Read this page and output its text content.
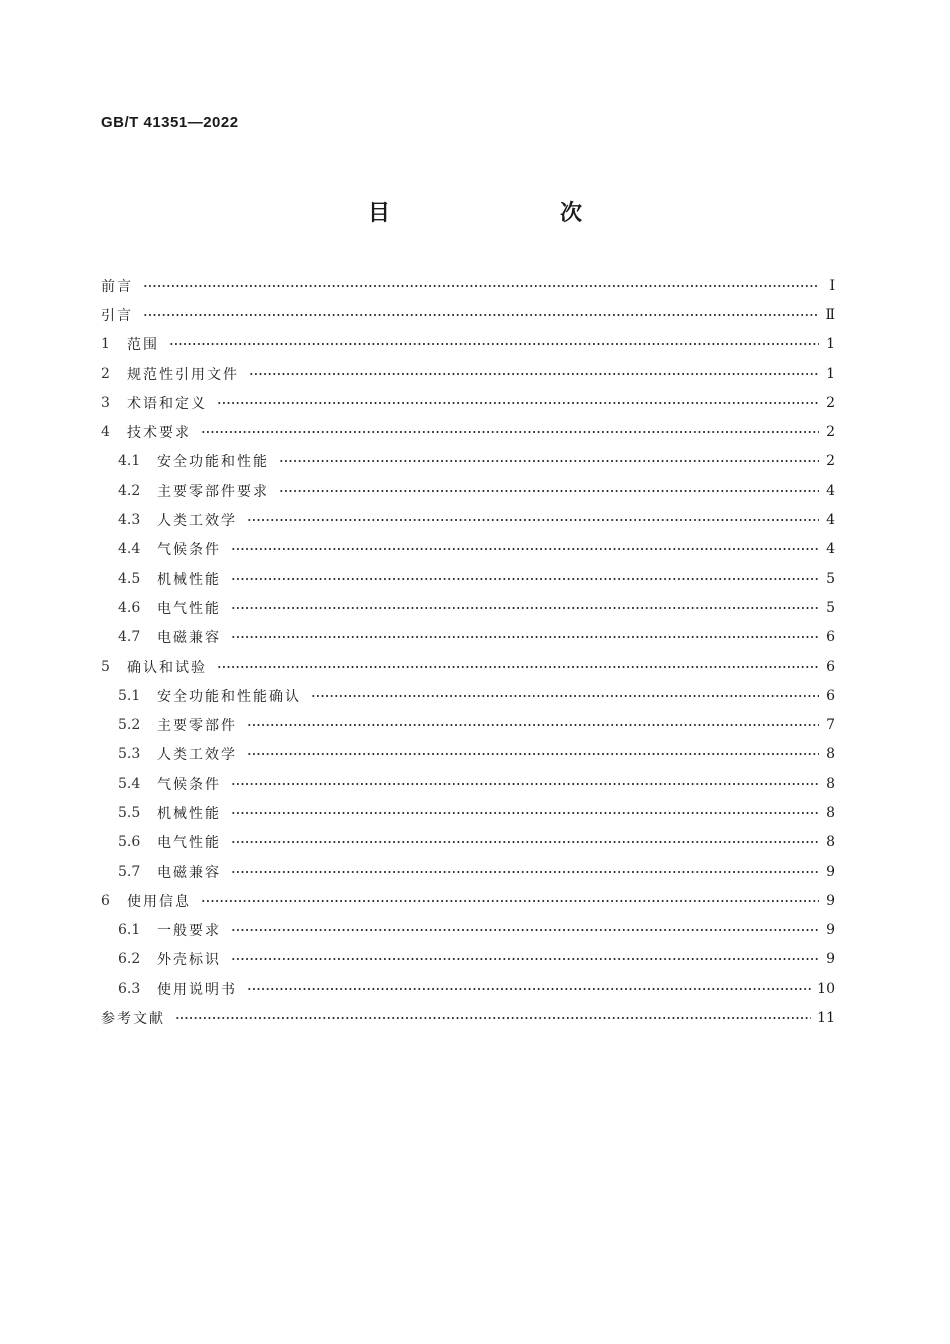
GB/T 41351—2022
目　　次
前言	Ⅰ
引言	Ⅱ
1	范围	1
2	规范性引用文件	1
3	术语和定义	2
4	技术要求	2
4.1	安全功能和性能	2
4.2	主要零部件要求	4
4.3	人类工效学	4
4.4	气候条件	4
4.5	机械性能	5
4.6	电气性能	5
4.7	电磁兼容	6
5	确认和试验	6
5.1	安全功能和性能确认	6
5.2	主要零部件	7
5.3	人类工效学	8
5.4	气候条件	8
5.5	机械性能	8
5.6	电气性能	8
5.7	电磁兼容	9
6	使用信息	9
6.1	一般要求	9
6.2	外壳标识	9
6.3	使用说明书	10
参考文献	11
